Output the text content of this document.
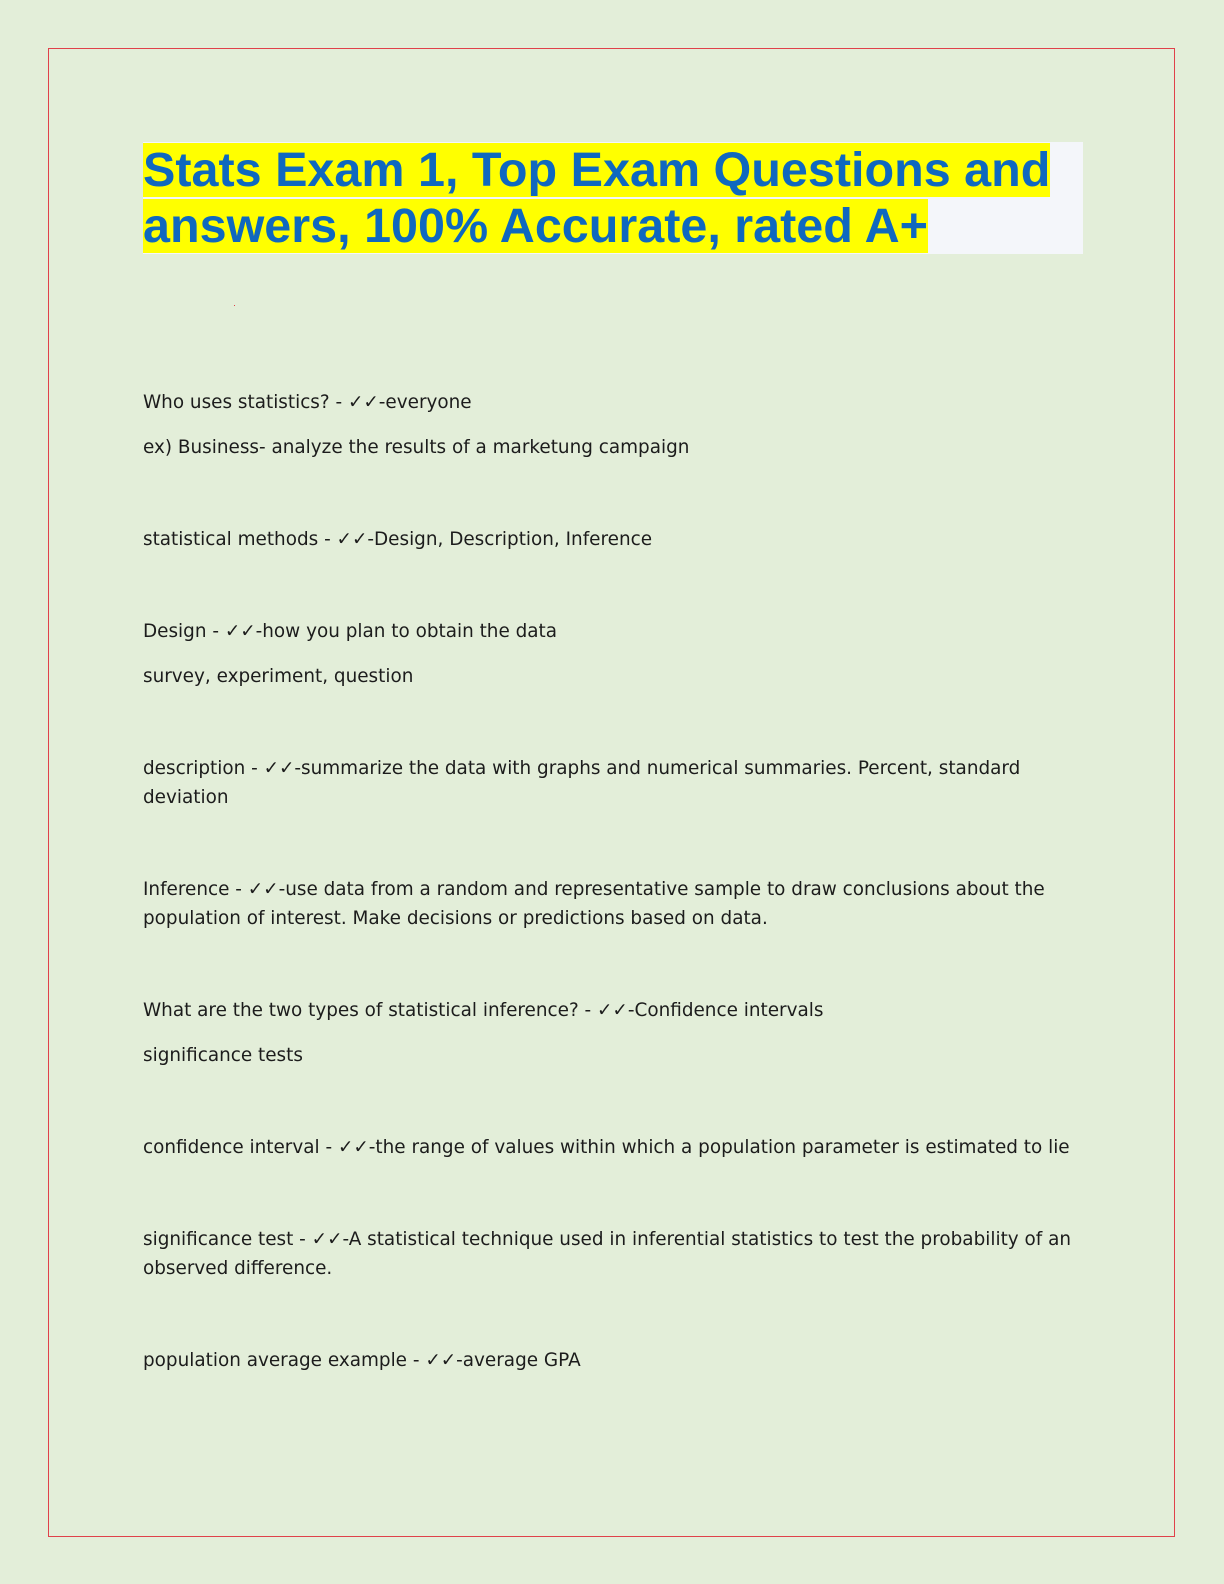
Stats Exam 1, Top Exam Questions and answers, 100% Accurate, rated A+

Who uses statistics? - ✓✓-everyone

ex) Business- analyze the results of a marketung campaign

statistical methods - ✓✓-Design, Description, Inference

Design - ✓✓-how you plan to obtain the data

survey, experiment, question

description - ✓✓-summarize the data with graphs and numerical summaries. Percent, standard deviation

Inference - ✓✓-use data from a random and representative sample to draw conclusions about the population of interest. Make decisions or predictions based on data.

What are the two types of statistical inference? - ✓✓-Confidence intervals

significance tests

confidence interval - ✓✓-the range of values within which a population parameter is estimated to lie

significance test - ✓✓-A statistical technique used in inferential statistics to test the probability of an observed difference.

population average example - ✓✓-average GPA
